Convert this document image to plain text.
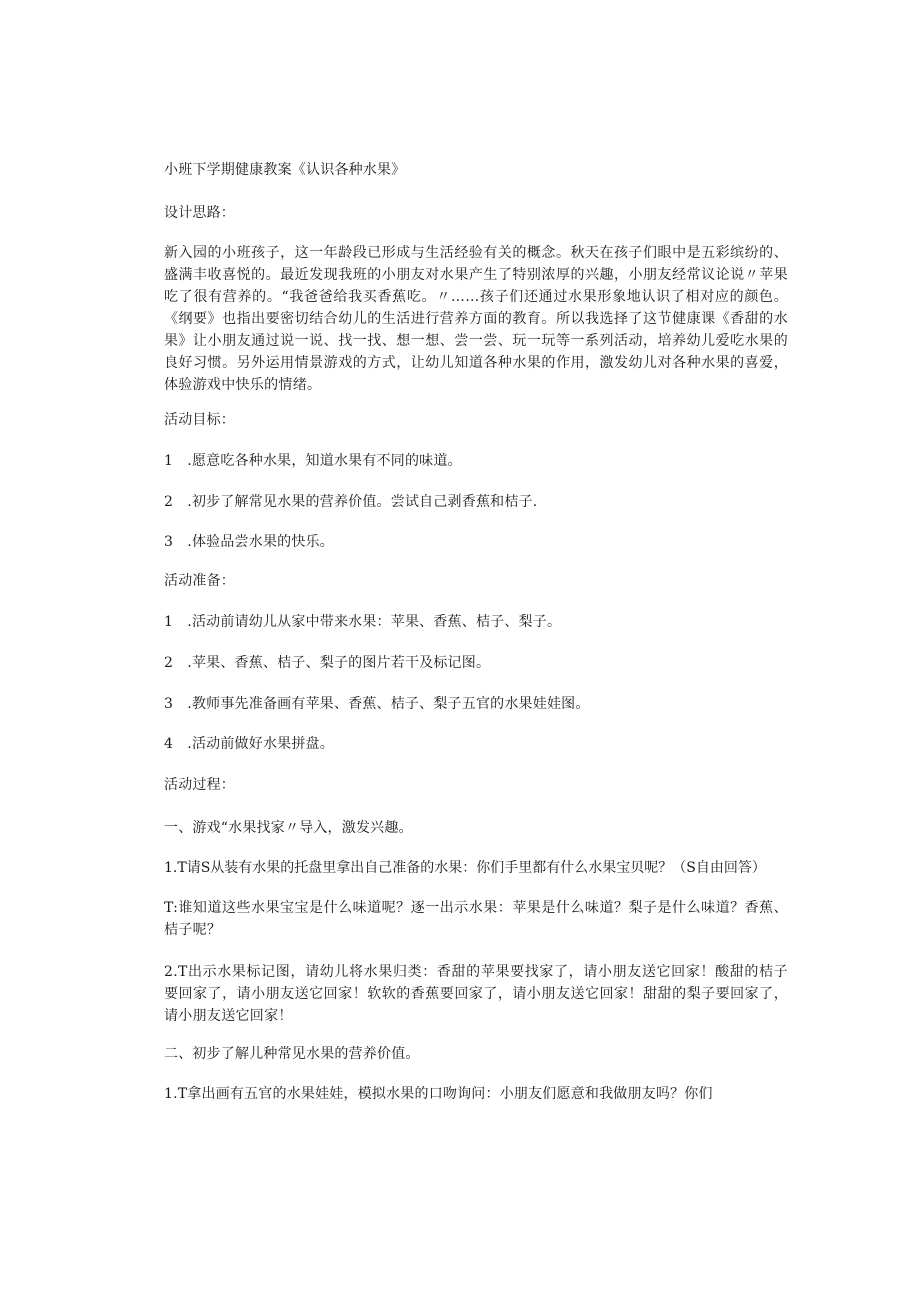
小班下学期健康教案《认识各种水果》
设计思路：
新入园的小班孩子，这一年龄段已形成与生活经验有关的概念。秋天在孩子们眼中是五彩缤纷的、盛满丰收喜悦的。最近发现我班的小朋友对水果产生了特别浓厚的兴趣，小朋友经常议论说〃苹果吃了很有营养的。“我爸爸给我买香蕉吃。〃……孩子们还通过水果形象地认识了相对应的颜色。《纲要》也指出要密切结合幼儿的生活进行营养方面的教育。所以我选择了这节健康课《香甜的水果》让小朋友通过说一说、找一找、想一想、尝一尝、玩一玩等一系列活动，培养幼儿爱吃水果的良好习惯。另外运用情景游戏的方式，让幼儿知道各种水果的作用，激发幼儿对各种水果的喜爱，体验游戏中快乐的情绪。
活动目标：
1　.愿意吃各种水果，知道水果有不同的味道。
2　.初步了解常见水果的营养价值。尝试自己剥香蕉和桔子.
3　.体验品尝水果的快乐。
活动准备：
1　.活动前请幼儿从家中带来水果：苹果、香蕉、桔子、梨子。
2　.苹果、香蕉、桔子、梨子的图片若干及标记图。
3　.教师事先准备画有苹果、香蕉、桔子、梨子五官的水果娃娃图。
4　.活动前做好水果拼盘。
活动过程：
一、游戏“水果找家〃导入，激发兴趣。
1.T请S从装有水果的托盘里拿出自己准备的水果：你们手里都有什么水果宝贝呢？（S自由回答）
T:谁知道这些水果宝宝是什么味道呢？逐一出示水果：苹果是什么味道？梨子是什么味道？香蕉、桔子呢？
2.T出示水果标记图，请幼儿将水果归类：香甜的苹果要找家了，请小朋友送它回家！酸甜的桔子要回家了，请小朋友送它回家！软软的香蕉要回家了，请小朋友送它回家！甜甜的梨子要回家了，请小朋友送它回家！
二、初步了解儿种常见水果的营养价值。
1.T拿出画有五官的水果娃娃，模拟水果的口吻询问：小朋友们愿意和我做朋友吗？你们
